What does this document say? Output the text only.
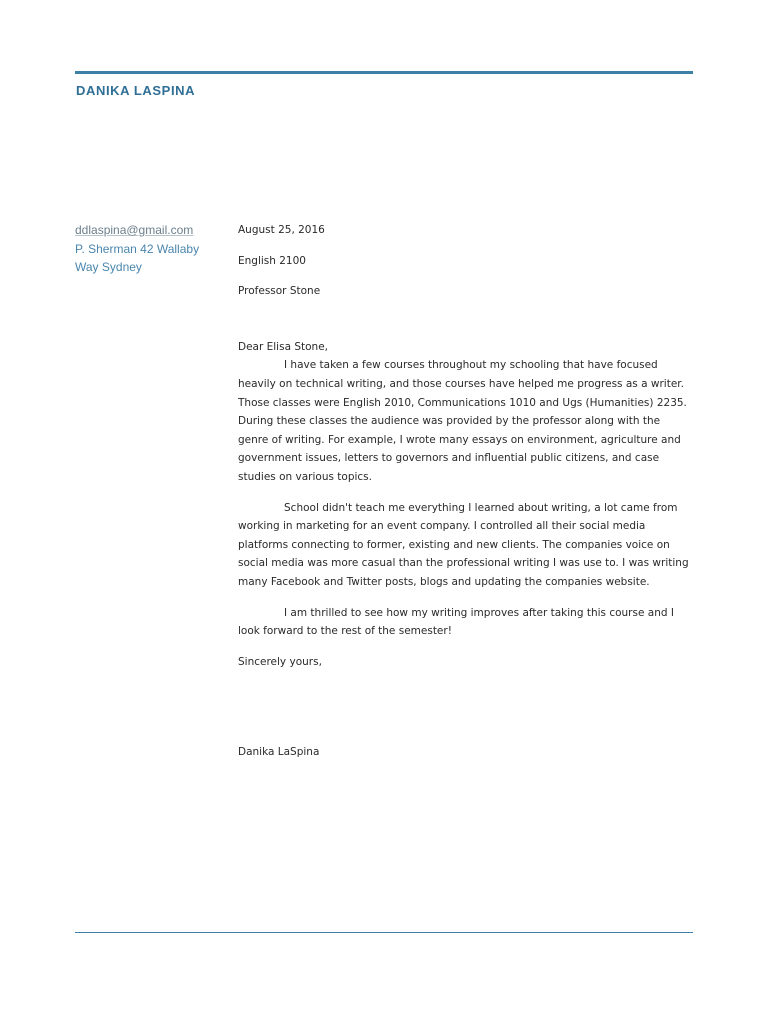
DANIKA LASPINA
ddlaspina@gmail.com
P. Sherman 42 Wallaby
Way Sydney

August 25, 2016

English 2100

Professor Stone

Dear Elisa Stone,

I have taken a few courses throughout my schooling that have focused heavily on technical writing, and those courses have helped me progress as a writer. Those classes were English 2010, Communications 1010 and Ugs (Humanities) 2235. During these classes the audience was provided by the professor along with the genre of writing. For example, I wrote many essays on environment, agriculture and government issues, letters to governors and influential public citizens, and case studies on various topics.

School didn't teach me everything I learned about writing, a lot came from working in marketing for an event company. I controlled all their social media platforms connecting to former, existing and new clients. The companies voice on social media was more casual than the professional writing I was use to. I was writing many Facebook and Twitter posts, blogs and updating the companies website.

I am thrilled to see how my writing improves after taking this course and I look forward to the rest of the semester!

Sincerely yours,

Danika LaSpina
